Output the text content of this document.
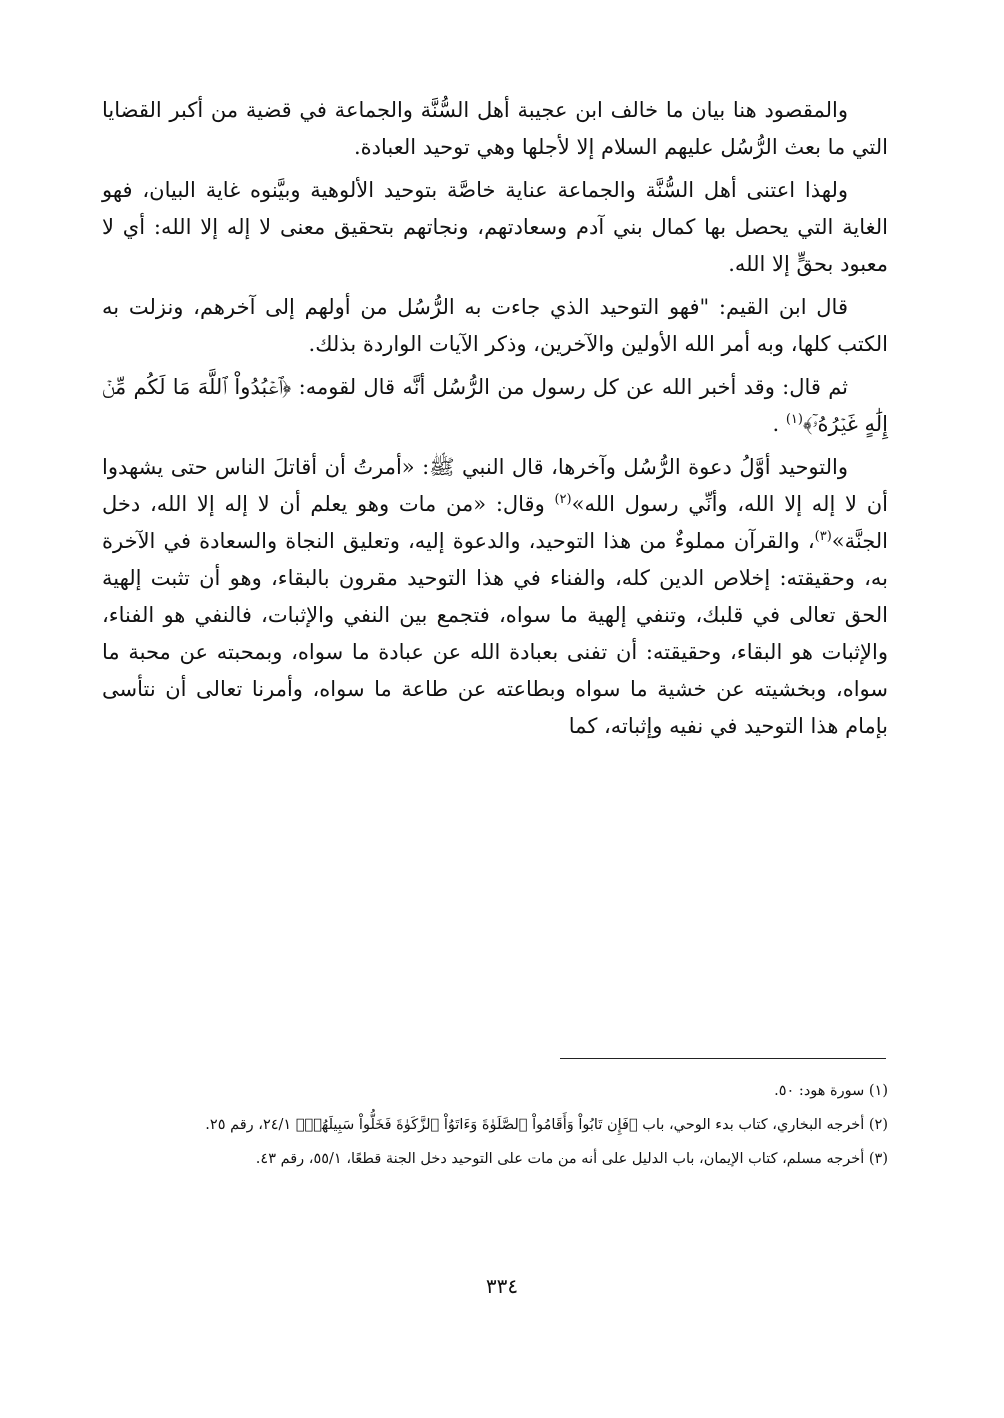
والمقصود هنا بيان ما خالف ابن عجيبة أهل السُّنَّة والجماعة في قضية من أكبر القضايا التي ما بعث الرُّسُل عليهم السلام إلا لأجلها وهي توحيد العبادة.

ولهذا اعتنى أهل السُّنَّة والجماعة عناية خاصَّة بتوحيد الألوهية وبيَّنوه غاية البيان، فهو الغاية التي يحصل بها كمال بني آدم وسعادتهم، ونجاتهم بتحقيق معنى لا إله إلا الله: أي لا معبود بحقٍّ إلا الله.

قال ابن القيم: "فهو التوحيد الذي جاءت به الرُّسُل من أولهم إلى آخرهم، ونزلت به الكتب كلها، وبه أمر الله الأولين والآخرين، وذكر الآيات الواردة بذلك.

ثم قال: وقد أخبر الله عن كل رسول من الرُّسُل أنَّه قال لقومه: ﴿ٱعۡبُدُواْ ٱللَّهَ مَا لَكُم مِّنۡ إِلَٰهٍ غَيۡرُهُۥٓ﴾$^{(١)}$ .

والتوحيد أوَّلُ دعوة الرُّسُل وآخرها، قال النبي ﷺ: «أمرتُ أن أقاتلَ الناس حتى يشهدوا أن لا إله إلا الله، وأنِّي رسول الله»$^{(٢)}$ وقال: «من مات وهو يعلم أن لا إله إلا الله، دخل الجنَّة»$^{(٣)}$، والقرآن مملوءٌ من هذا التوحيد، والدعوة إليه، وتعليق النجاة والسعادة في الآخرة به، وحقيقته: إخلاص الدين كله، والفناء في هذا التوحيد مقرون بالبقاء، وهو أن تثبت إلهية الحق تعالى في قلبك، وتنفي إلهية ما سواه، فتجمع بين النفي والإثبات، فالنفي هو الفناء، والإثبات هو البقاء، وحقيقته: أن تفنى بعبادة الله عن عبادة ما سواه، وبمحبته عن محبة ما سواه، وبخشيته عن خشية ما سواه وبطاعته عن طاعة ما سواه، وأمرنا تعالى أن نتأسى بإمام هذا التوحيد في نفيه وإثباته، كما

(١) سورة هود: ٥٠.

(٢) أخرجه البخاري، كتاب بدء الوحي، باب ﴿فَإِن تَابُواْ وَأَقَامُواْ ٱلصَّلَوٰةَ وَءَاتَوُاْ ٱلزَّكَوٰةَ فَخَلُّواْ سَبِيلَهُمۡ﴾ ٢٤/١، رقم ٢٥.

(٣) أخرجه مسلم، كتاب الإيمان، باب الدليل على أنه من مات على التوحيد دخل الجنة قطعًا، ٥٥/١، رقم ٤٣.

٣٣٤
